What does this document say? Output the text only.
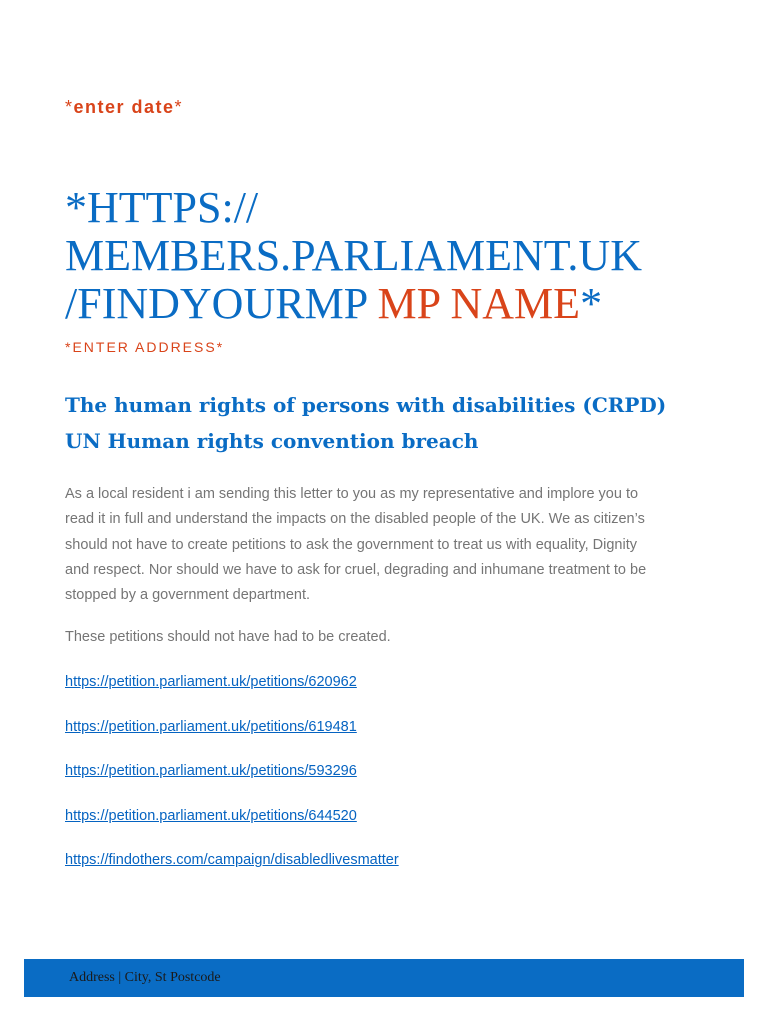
*enter date*
*HTTPS://
MEMBERS.PARLIAMENT.UK
/FINDYOURMP MP NAME*
*ENTER ADDRESS*
The human rights of persons with disabilities (CRPD)
UN Human rights convention breach
As a local resident i am sending this letter to you as my representative and implore you to
read it in full and understand the impacts on the disabled people of the UK. We as citizen’s
should not have to create petitions to ask the government to treat us with equality, Dignity
and respect. Nor should we have to ask for cruel, degrading and inhumane treatment to be
stopped by a government department.
These petitions should not have had to be created.
https://petition.parliament.uk/petitions/620962
https://petition.parliament.uk/petitions/619481
https://petition.parliament.uk/petitions/593296
https://petition.parliament.uk/petitions/644520
https://findothers.com/campaign/disabledlivesmatter
Address | City, St Postcode
